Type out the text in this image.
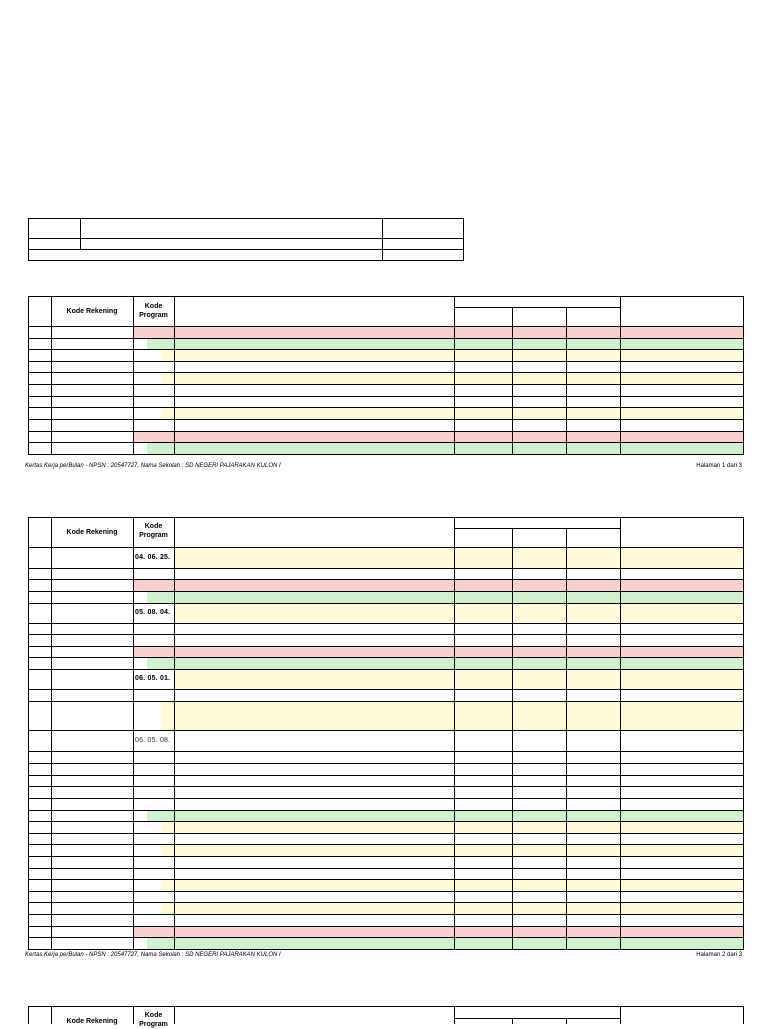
Kode Rekening
Kode
Program
Kertas Kerja perBulan - NPSN : 20547727, Nama Sekolah : SD NEGERI PAJARAKAN KULON I	Halaman 1 dari 3
Kode Rekening
Kode
Program
04. 06. 25.
05. 08. 04.
06. 05. 01.
06. 05. 08.
Kertas Kerja perBulan - NPSN : 20547727, Nama Sekolah : SD NEGERI PAJARAKAN KULON I	Halaman 2 dari 3
Kode Rekening
Kode
Program
